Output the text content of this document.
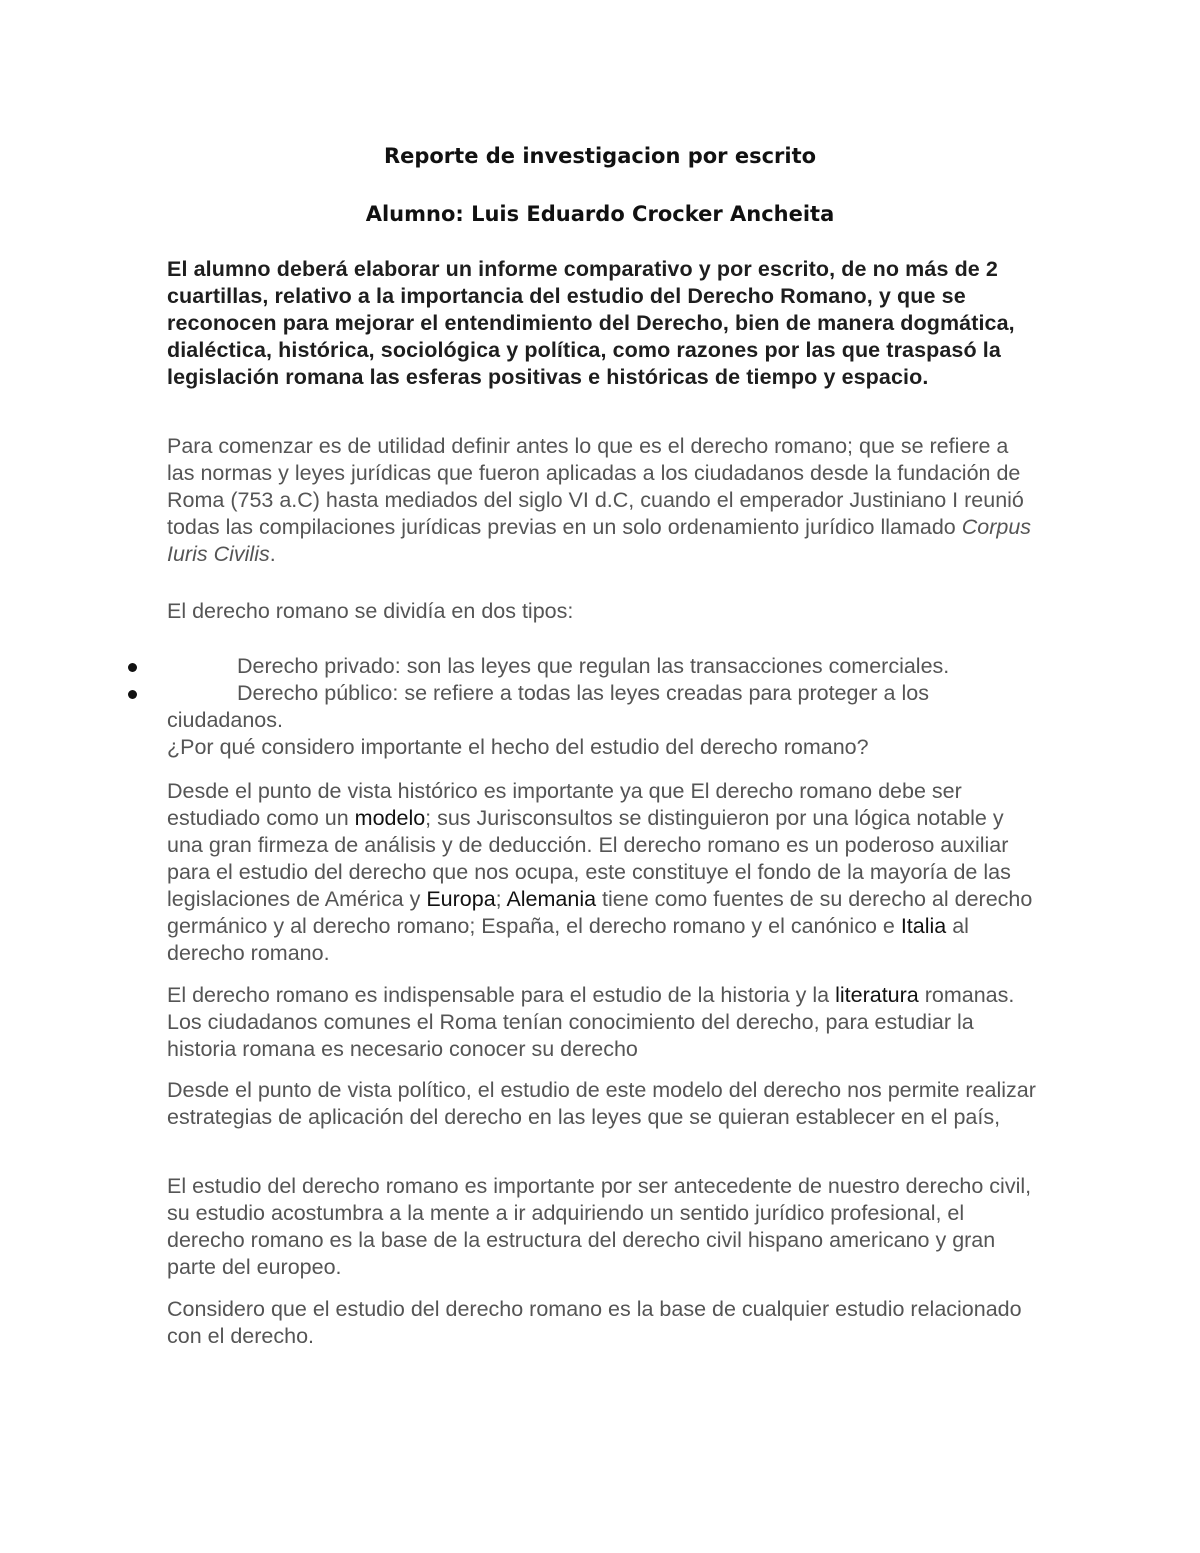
Reporte de investigacion por escrito
Alumno: Luis Eduardo Crocker Ancheita
El alumno deberá elaborar un informe comparativo y por escrito, de no más de 2 cuartillas, relativo a la importancia del estudio del Derecho Romano, y que se reconocen para mejorar el entendimiento del Derecho, bien de manera dogmática, dialéctica, histórica, sociológica y política, como razones por las que traspasó la legislación romana las esferas positivas e históricas de tiempo y espacio.
Para comenzar es de utilidad definir antes lo que es el derecho romano; que se refiere a las normas y leyes jurídicas que fueron aplicadas a los ciudadanos desde la fundación de Roma (753 a.C) hasta mediados del siglo VI d.C, cuando el emperador Justiniano I reunió todas las compilaciones jurídicas previas en un solo ordenamiento jurídico llamado Corpus Iuris Civilis.
El derecho romano se dividía en dos tipos:
Derecho privado: son las leyes que regulan las transacciones comerciales.
Derecho público: se refiere a todas las leyes creadas para proteger a los
ciudadanos.
¿Por qué considero importante el hecho del estudio del derecho romano?
Desde el punto de vista histórico es importante ya que El derecho romano debe ser estudiado como un modelo; sus Jurisconsultos se distinguieron por una lógica notable y una gran firmeza de análisis y de deducción. El derecho romano es un poderoso auxiliar para el estudio del derecho que nos ocupa, este constituye el fondo de la mayoría de las legislaciones de América y Europa; Alemania tiene como fuentes de su derecho al derecho germánico y al derecho romano; España, el derecho romano y el canónico e Italia al derecho romano.
El derecho romano es indispensable para el estudio de la historia y la literatura romanas. Los ciudadanos comunes el Roma tenían conocimiento del derecho, para estudiar la historia romana es necesario conocer su derecho
Desde el punto de vista político, el estudio de este modelo del derecho nos permite realizar estrategias de aplicación del derecho en las leyes que se quieran establecer en el país,
El estudio del derecho romano es importante por ser antecedente de nuestro derecho civil, su estudio acostumbra a la mente a ir adquiriendo un sentido jurídico profesional, el derecho romano es la base de la estructura del derecho civil hispano americano y gran parte del europeo.
Considero que el estudio del derecho romano es la base de cualquier estudio relacionado con el derecho.
